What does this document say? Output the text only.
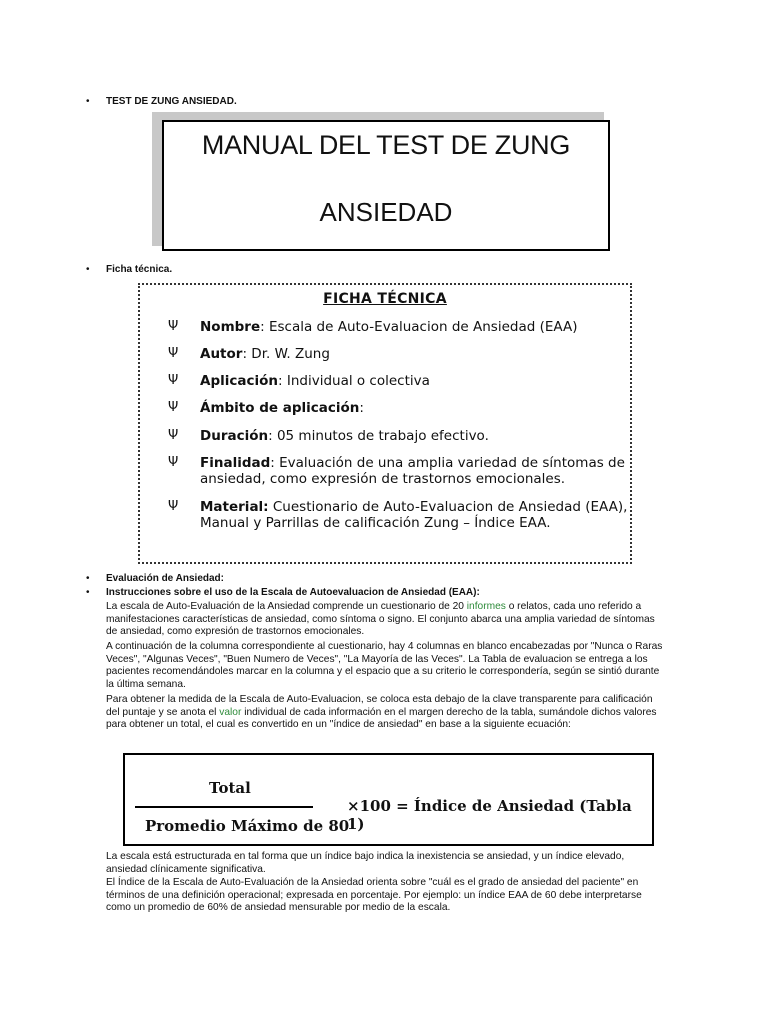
• TEST DE ZUNG ANSIEDAD.
MANUAL DEL TEST DE ZUNG
ANSIEDAD
• Ficha técnica.
FICHA TÉCNICA
Ψ Nombre: Escala de Auto-Evaluacion de Ansiedad (EAA)
Ψ Autor: Dr. W. Zung
Ψ Aplicación: Individual o colectiva
Ψ Ámbito de aplicación:
Ψ Duración: 05 minutos de trabajo efectivo.
Ψ Finalidad: Evaluación de una amplia variedad de síntomas de ansiedad, como expresión de trastornos emocionales.
Ψ Material: Cuestionario de Auto-Evaluacion de Ansiedad (EAA), Manual y Parrillas de calificación Zung – Índice EAA.
• Evaluación de Ansiedad:
• Instrucciones sobre el uso de la Escala de Autoevaluacion de Ansiedad (EAA):
La escala de Auto-Evaluación de la Ansiedad comprende un cuestionario de 20 informes o relatos, cada uno referido a manifestaciones características de ansiedad, como síntoma o signo. El conjunto abarca una amplia variedad de síntomas de ansiedad, como expresión de trastornos emocionales.
A continuación de la columna correspondiente al cuestionario, hay 4 columnas en blanco encabezadas por "Nunca o Raras Veces", "Algunas Veces", "Buen Numero de Veces", "La Mayoría de las Veces". La Tabla de evaluacion se entrega a los pacientes recomendándoles marcar en la columna y el espacio que a su criterio le correspondería, según se sintió durante la última semana.
Para obtener la medida de la Escala de Auto-Evaluacion, se coloca esta debajo de la clave transparente para calificación del puntaje y se anota el valor individual de cada información en el margen derecho de la tabla, sumándole dichos valores para obtener un total, el cual es convertido en un "índice de ansiedad" en base a la siguiente ecuación:
Total
Promedio Máximo de 80
×100 = Índice de Ansiedad (Tabla 1)
La escala está estructurada en tal forma que un índice bajo indica la inexistencia se ansiedad, y un índice elevado, ansiedad clínicamente significativa.
El Índice de la Escala de Auto-Evaluación de la Ansiedad orienta sobre "cuál es el grado de ansiedad del paciente" en términos de una definición operacional; expresada en porcentaje. Por ejemplo: un índice EAA de 60 debe interpretarse como un promedio de 60% de ansiedad mensurable por medio de la escala.
